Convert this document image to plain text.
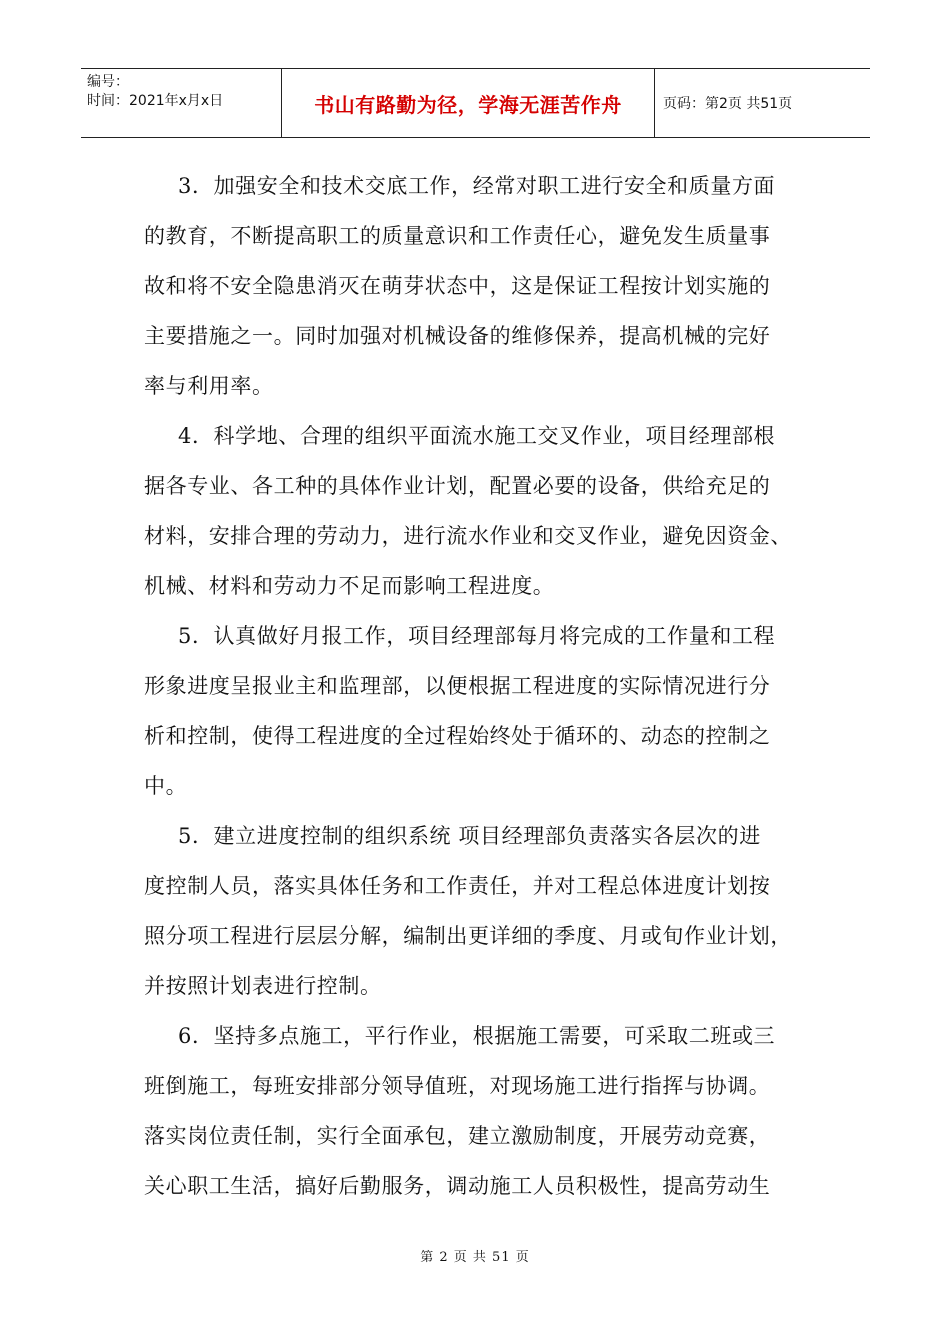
编号：
时间：2021年x月x日	书山有路勤为径，学海无涯苦作舟	页码：第2页 共51页
3．加强安全和技术交底工作，经常对职工进行安全和质量方面
的教育，不断提高职工的质量意识和工作责任心，避免发生质量事
故和将不安全隐患消灭在萌芽状态中，这是保证工程按计划实施的
主要措施之一。同时加强对机械设备的维修保养，提高机械的完好
率与利用率。
4．科学地、合理的组织平面流水施工交叉作业，项目经理部根
据各专业、各工种的具体作业计划，配置必要的设备，供给充足的
材料，安排合理的劳动力，进行流水作业和交叉作业，避免因资金、
机械、材料和劳动力不足而影响工程进度。
5．认真做好月报工作，项目经理部每月将完成的工作量和工程
形象进度呈报业主和监理部，以便根据工程进度的实际情况进行分
析和控制，使得工程进度的全过程始终处于循环的、动态的控制之
中。
5．建立进度控制的组织系统 项目经理部负责落实各层次的进
度控制人员，落实具体任务和工作责任，并对工程总体进度计划按
照分项工程进行层层分解，编制出更详细的季度、月或旬作业计划，
并按照计划表进行控制。
6．坚持多点施工，平行作业，根据施工需要，可采取二班或三
班倒施工，每班安排部分领导值班，对现场施工进行指挥与协调。
落实岗位责任制，实行全面承包，建立激励制度，开展劳动竞赛，
关心职工生活，搞好后勤服务，调动施工人员积极性，提高劳动生
第 2 页 共 51 页
